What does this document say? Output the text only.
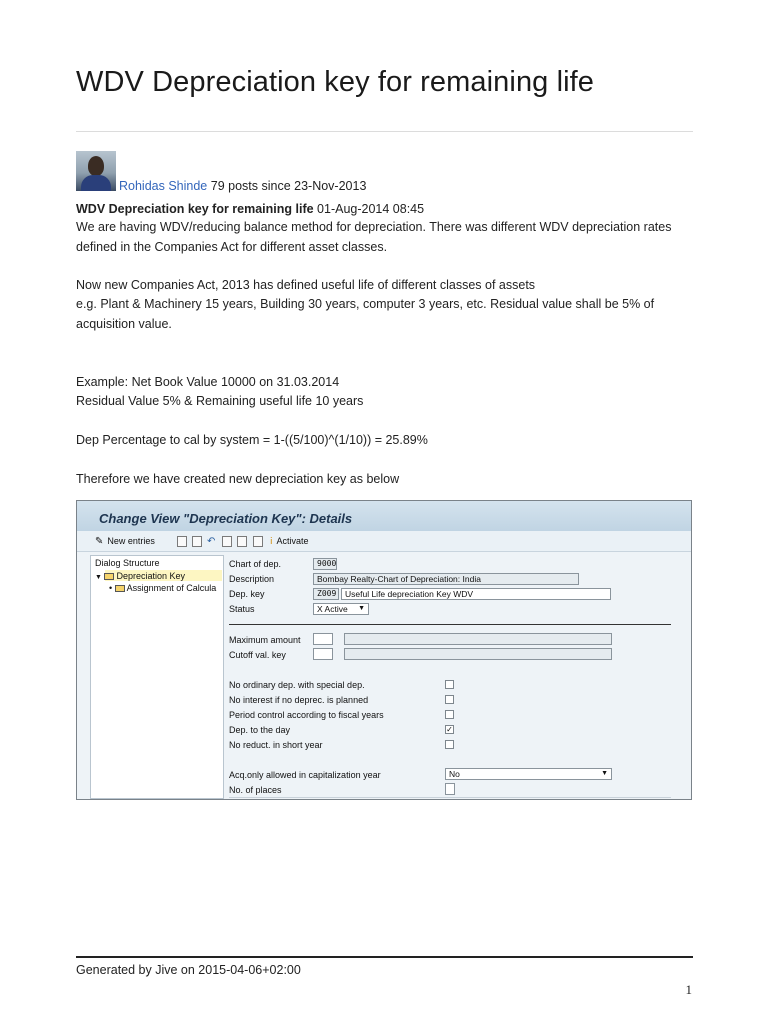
WDV Depreciation key for remaining life
Rohidas Shinde 79 posts since 23-Nov-2013
WDV Depreciation key for remaining life 01-Aug-2014 08:45

We are having WDV/reducing balance method for depreciation. There was different WDV depreciation rates defined in the Companies Act for different asset classes.

Now new Companies Act, 2013 has defined useful life of different classes of assets

e.g. Plant & Machinery 15 years, Building 30 years, computer 3 years, etc. Residual value shall be 5% of acquisition value.

Example: Net Book Value 10000 on 31.03.2014

Residual Value 5% & Remaining useful life 10 years

Dep Percentage to cal by system = 1-((5/100)^(1/10)) = 25.89%

Therefore we have created new depreciation key as below

Change View "Depreciation Key": Details
✎ New entries	↶	ⅰ Activate
Dialog Structure
▼ Depreciation Key
• Assignment of Calcula
Chart of dep.	9000
Description	Bombay Realty-Chart of Depreciation: India
Dep. key	Z009	Useful Life depreciation Key WDV
Status	X Active ▼
Maximum amount
Cutoff val. key
No ordinary dep. with special dep.
No interest if no deprec. is planned
Period control according to fiscal years
Dep. to the day	✓
No reduct. in short year
Acq.only allowed in capitalization year	No	▼
No. of places
Generated by Jive on 2015-04-06+02:00
1
